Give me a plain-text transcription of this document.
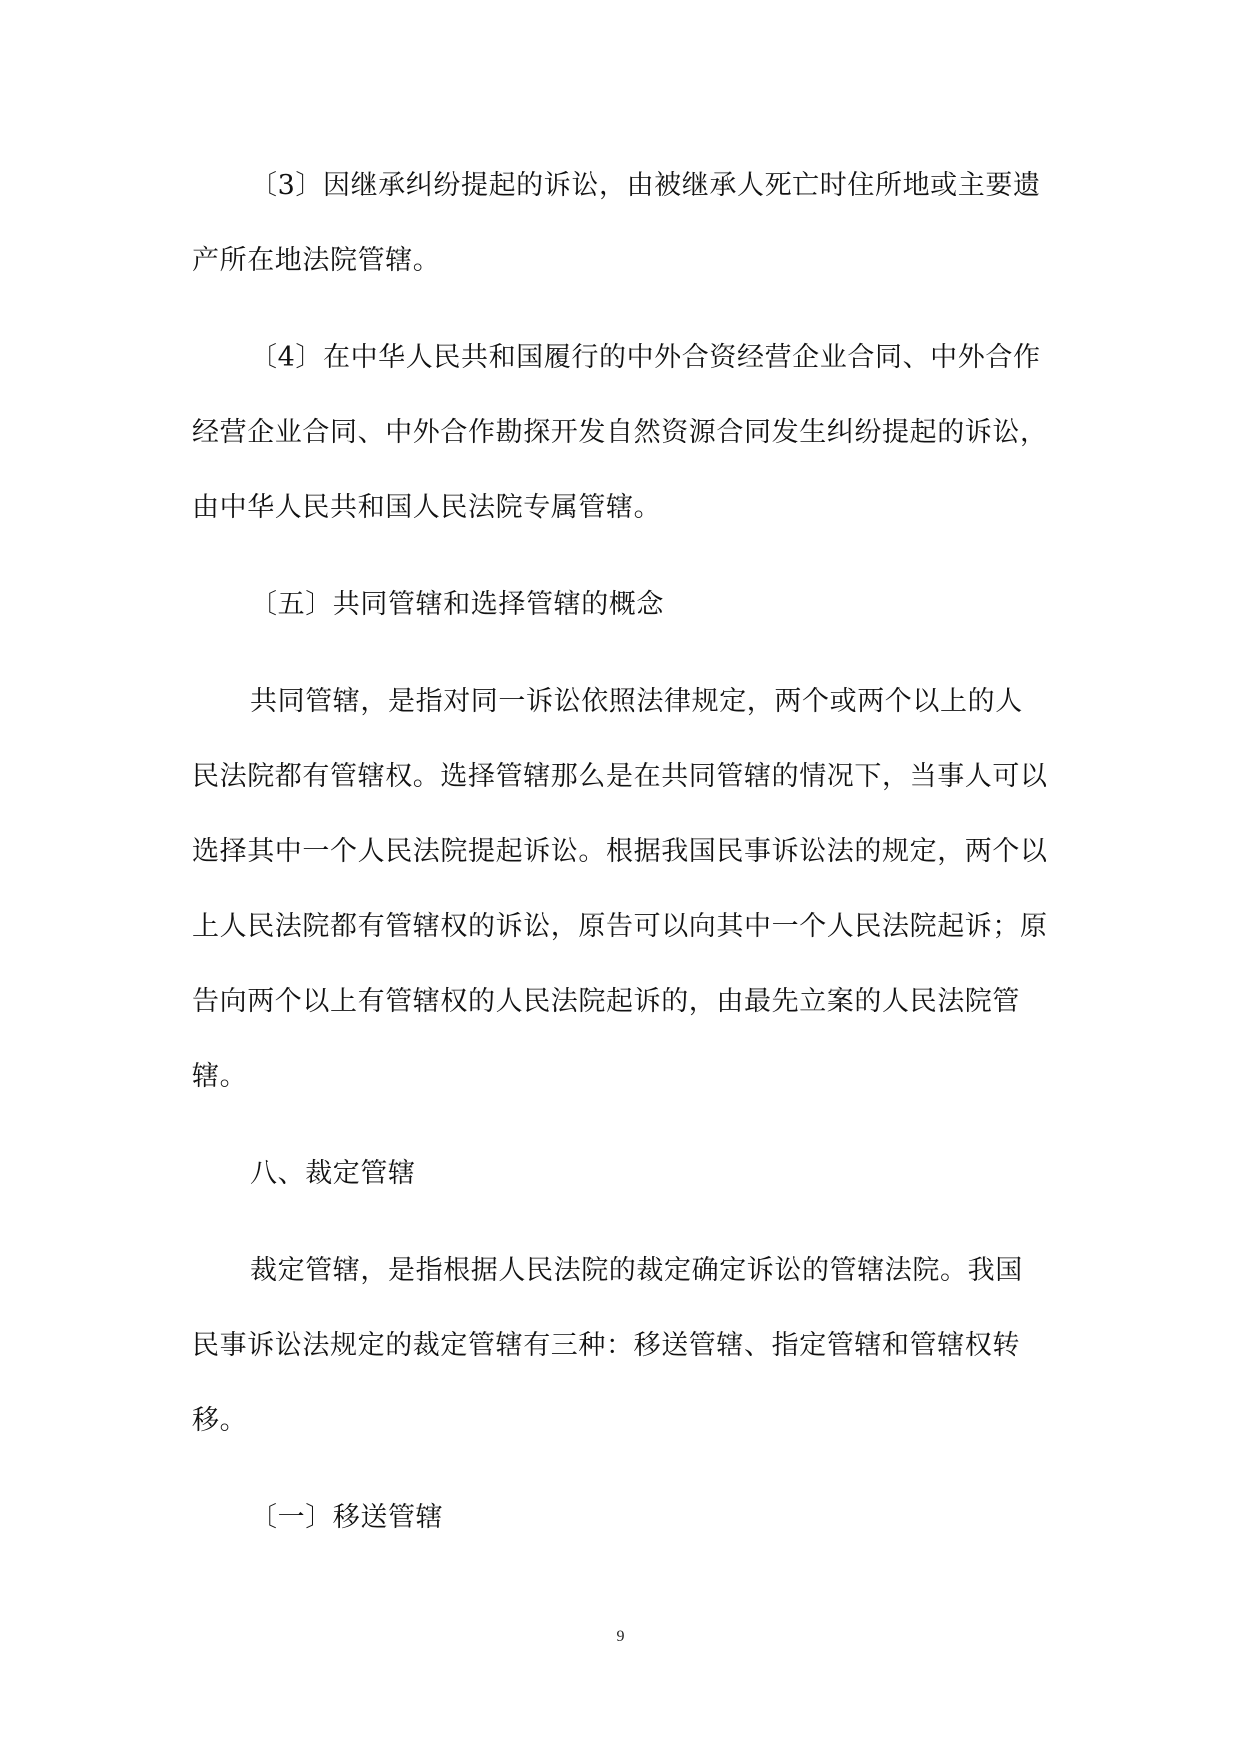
〔3〕因继承纠纷提起的诉讼，由被继承人死亡时住所地或主要遗产所在地法院管辖。

〔4〕在中华人民共和国履行的中外合资经营企业合同、中外合作经营企业合同、中外合作勘探开发自然资源合同发生纠纷提起的诉讼，由中华人民共和国人民法院专属管辖。

〔五〕共同管辖和选择管辖的概念

共同管辖，是指对同一诉讼依照法律规定，两个或两个以上的人民法院都有管辖权。选择管辖那么是在共同管辖的情况下，当事人可以选择其中一个人民法院提起诉讼。根据我国民事诉讼法的规定，两个以上人民法院都有管辖权的诉讼，原告可以向其中一个人民法院起诉；原告向两个以上有管辖权的人民法院起诉的，由最先立案的人民法院管辖。

八、裁定管辖

裁定管辖，是指根据人民法院的裁定确定诉讼的管辖法院。我国民事诉讼法规定的裁定管辖有三种：移送管辖、指定管辖和管辖权转移。

〔一〕移送管辖

9
